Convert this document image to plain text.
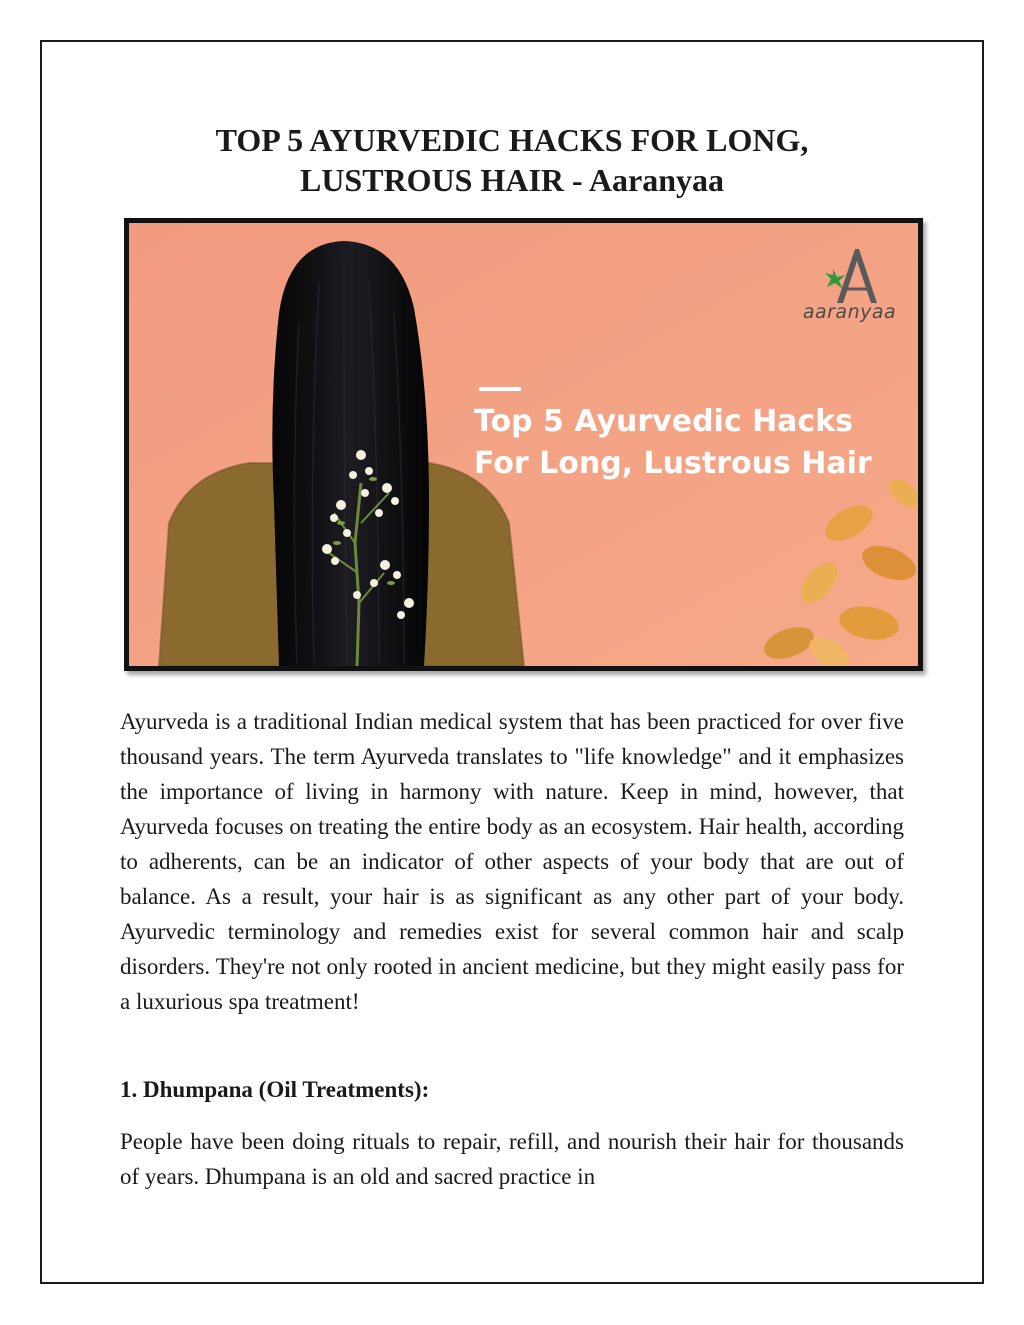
TOP 5 AYURVEDIC HACKS FOR LONG,
LUSTROUS HAIR - Aaranyaa
Top 5 Ayurvedic Hacks
For Long, Lustrous Hair
aaranyaa

Ayurveda is a traditional Indian medical system that has been practiced for over five thousand years. The term Ayurveda translates to "life knowledge" and it emphasizes the importance of living in harmony with nature. Keep in mind, however, that Ayurveda focuses on treating the entire body as an ecosystem. Hair health, according to adherents, can be an indicator of other aspects of your body that are out of balance. As a result, your hair is as significant as any other part of your body. Ayurvedic terminology and remedies exist for several common hair and scalp disorders. They're not only rooted in ancient medicine, but they might easily pass for a luxurious spa treatment!

1. Dhumpana (Oil Treatments):

People have been doing rituals to repair, refill, and nourish their hair for thousands of years. Dhumpana is an old and sacred practice in
